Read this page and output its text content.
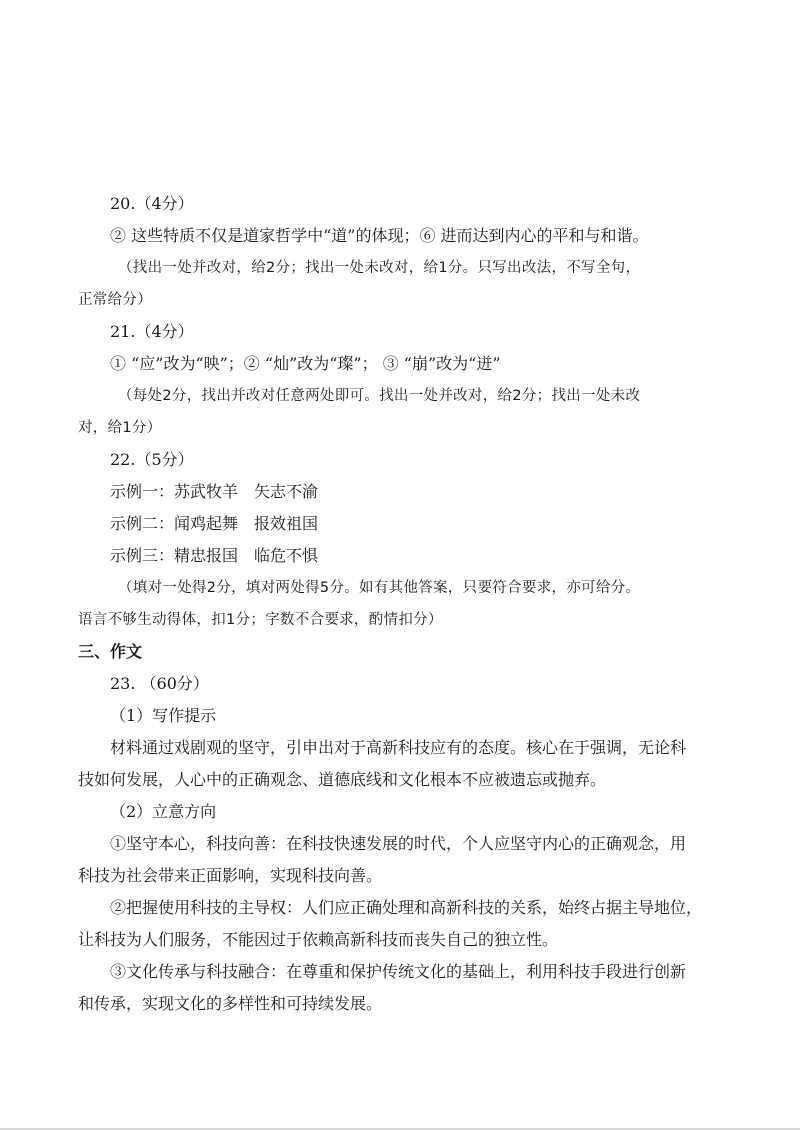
20.（4分）
② 这些特质不仅是道家哲学中“道”的体现；⑥ 进而达到内心的平和与和谐。
（找出一处并改对，给2分；找出一处未改对，给1分。只写出改法，不写全句，
正常给分）
21.（4分）
① “应”改为“映”；② “灿”改为“璨”； ③ “崩”改为“迸”
（每处2分，找出并改对任意两处即可。找出一处并改对，给2分；找出一处未改
对，给1分）
22.（5分）
示例一：苏武牧羊　矢志不渝
示例二：闻鸡起舞　报效祖国
示例三：精忠报国　临危不惧
（填对一处得2分，填对两处得5分。如有其他答案，只要符合要求，亦可给分。
语言不够生动得体，扣1分；字数不合要求，酌情扣分）
三、作文
23. （60分）
（1）写作提示
材料通过戏剧观的坚守，引申出对于高新科技应有的态度。核心在于强调，无论科
技如何发展，人心中的正确观念、道德底线和文化根本不应被遗忘或抛弃。
（2）立意方向
①坚守本心，科技向善：在科技快速发展的时代，个人应坚守内心的正确观念，用
科技为社会带来正面影响，实现科技向善。
②把握使用科技的主导权：人们应正确处理和高新科技的关系，始终占据主导地位，
让科技为人们服务，不能因过于依赖高新科技而丧失自己的独立性。
③文化传承与科技融合：在尊重和保护传统文化的基础上，利用科技手段进行创新
和传承，实现文化的多样性和可持续发展。
